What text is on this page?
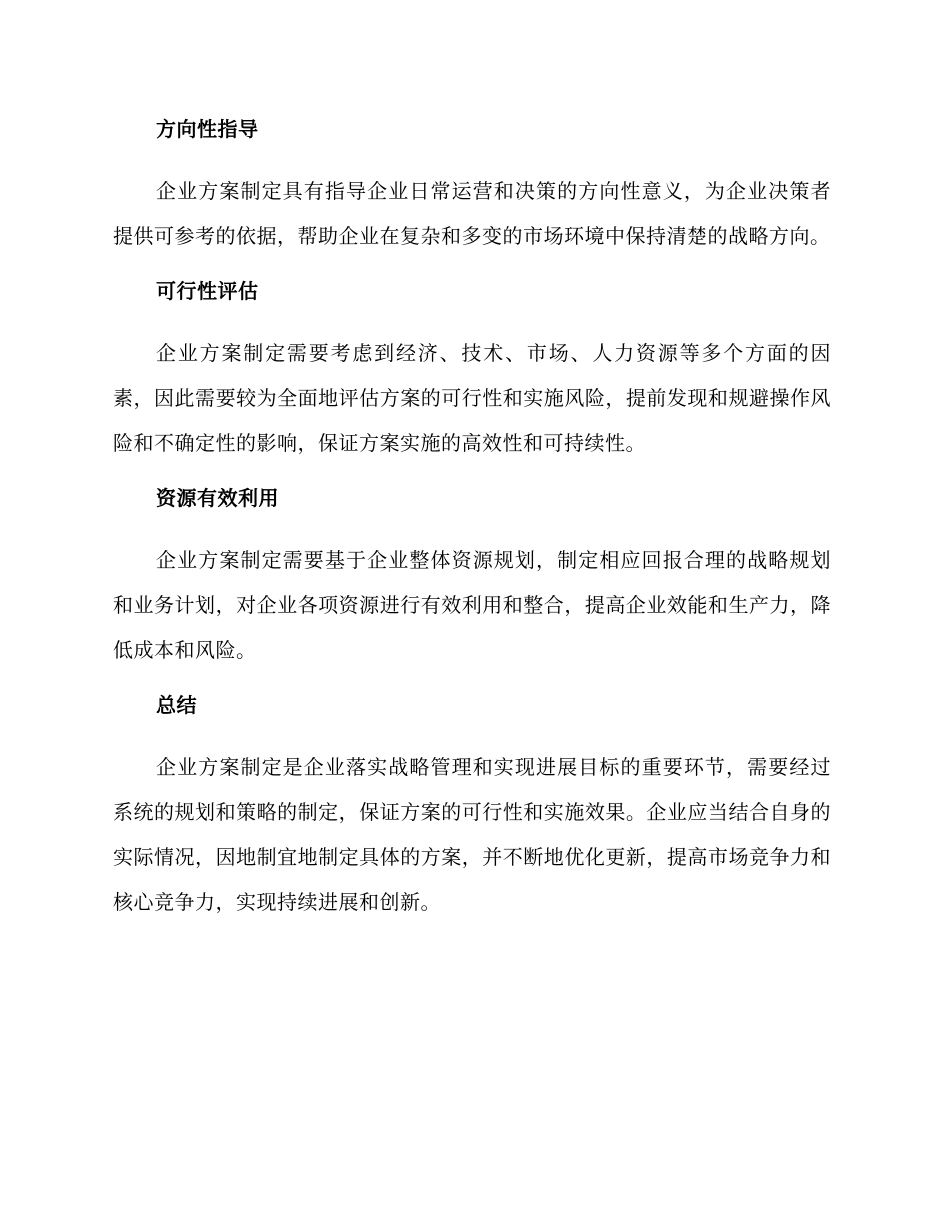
方向性指导

企业方案制定具有指导企业日常运营和决策的方向性意义，为企业决策者提供可参考的依据，帮助企业在复杂和多变的市场环境中保持清楚的战略方向。

可行性评估

企业方案制定需要考虑到经济、技术、市场、人力资源等多个方面的因素，因此需要较为全面地评估方案的可行性和实施风险，提前发现和规避操作风险和不确定性的影响，保证方案实施的高效性和可持续性。

资源有效利用

企业方案制定需要基于企业整体资源规划，制定相应回报合理的战略规划和业务计划，对企业各项资源进行有效利用和整合，提高企业效能和生产力，降低成本和风险。

总结

企业方案制定是企业落实战略管理和实现进展目标的重要环节，需要经过系统的规划和策略的制定，保证方案的可行性和实施效果。企业应当结合自身的实际情况，因地制宜地制定具体的方案，并不断地优化更新，提高市场竞争力和核心竞争力，实现持续进展和创新。
